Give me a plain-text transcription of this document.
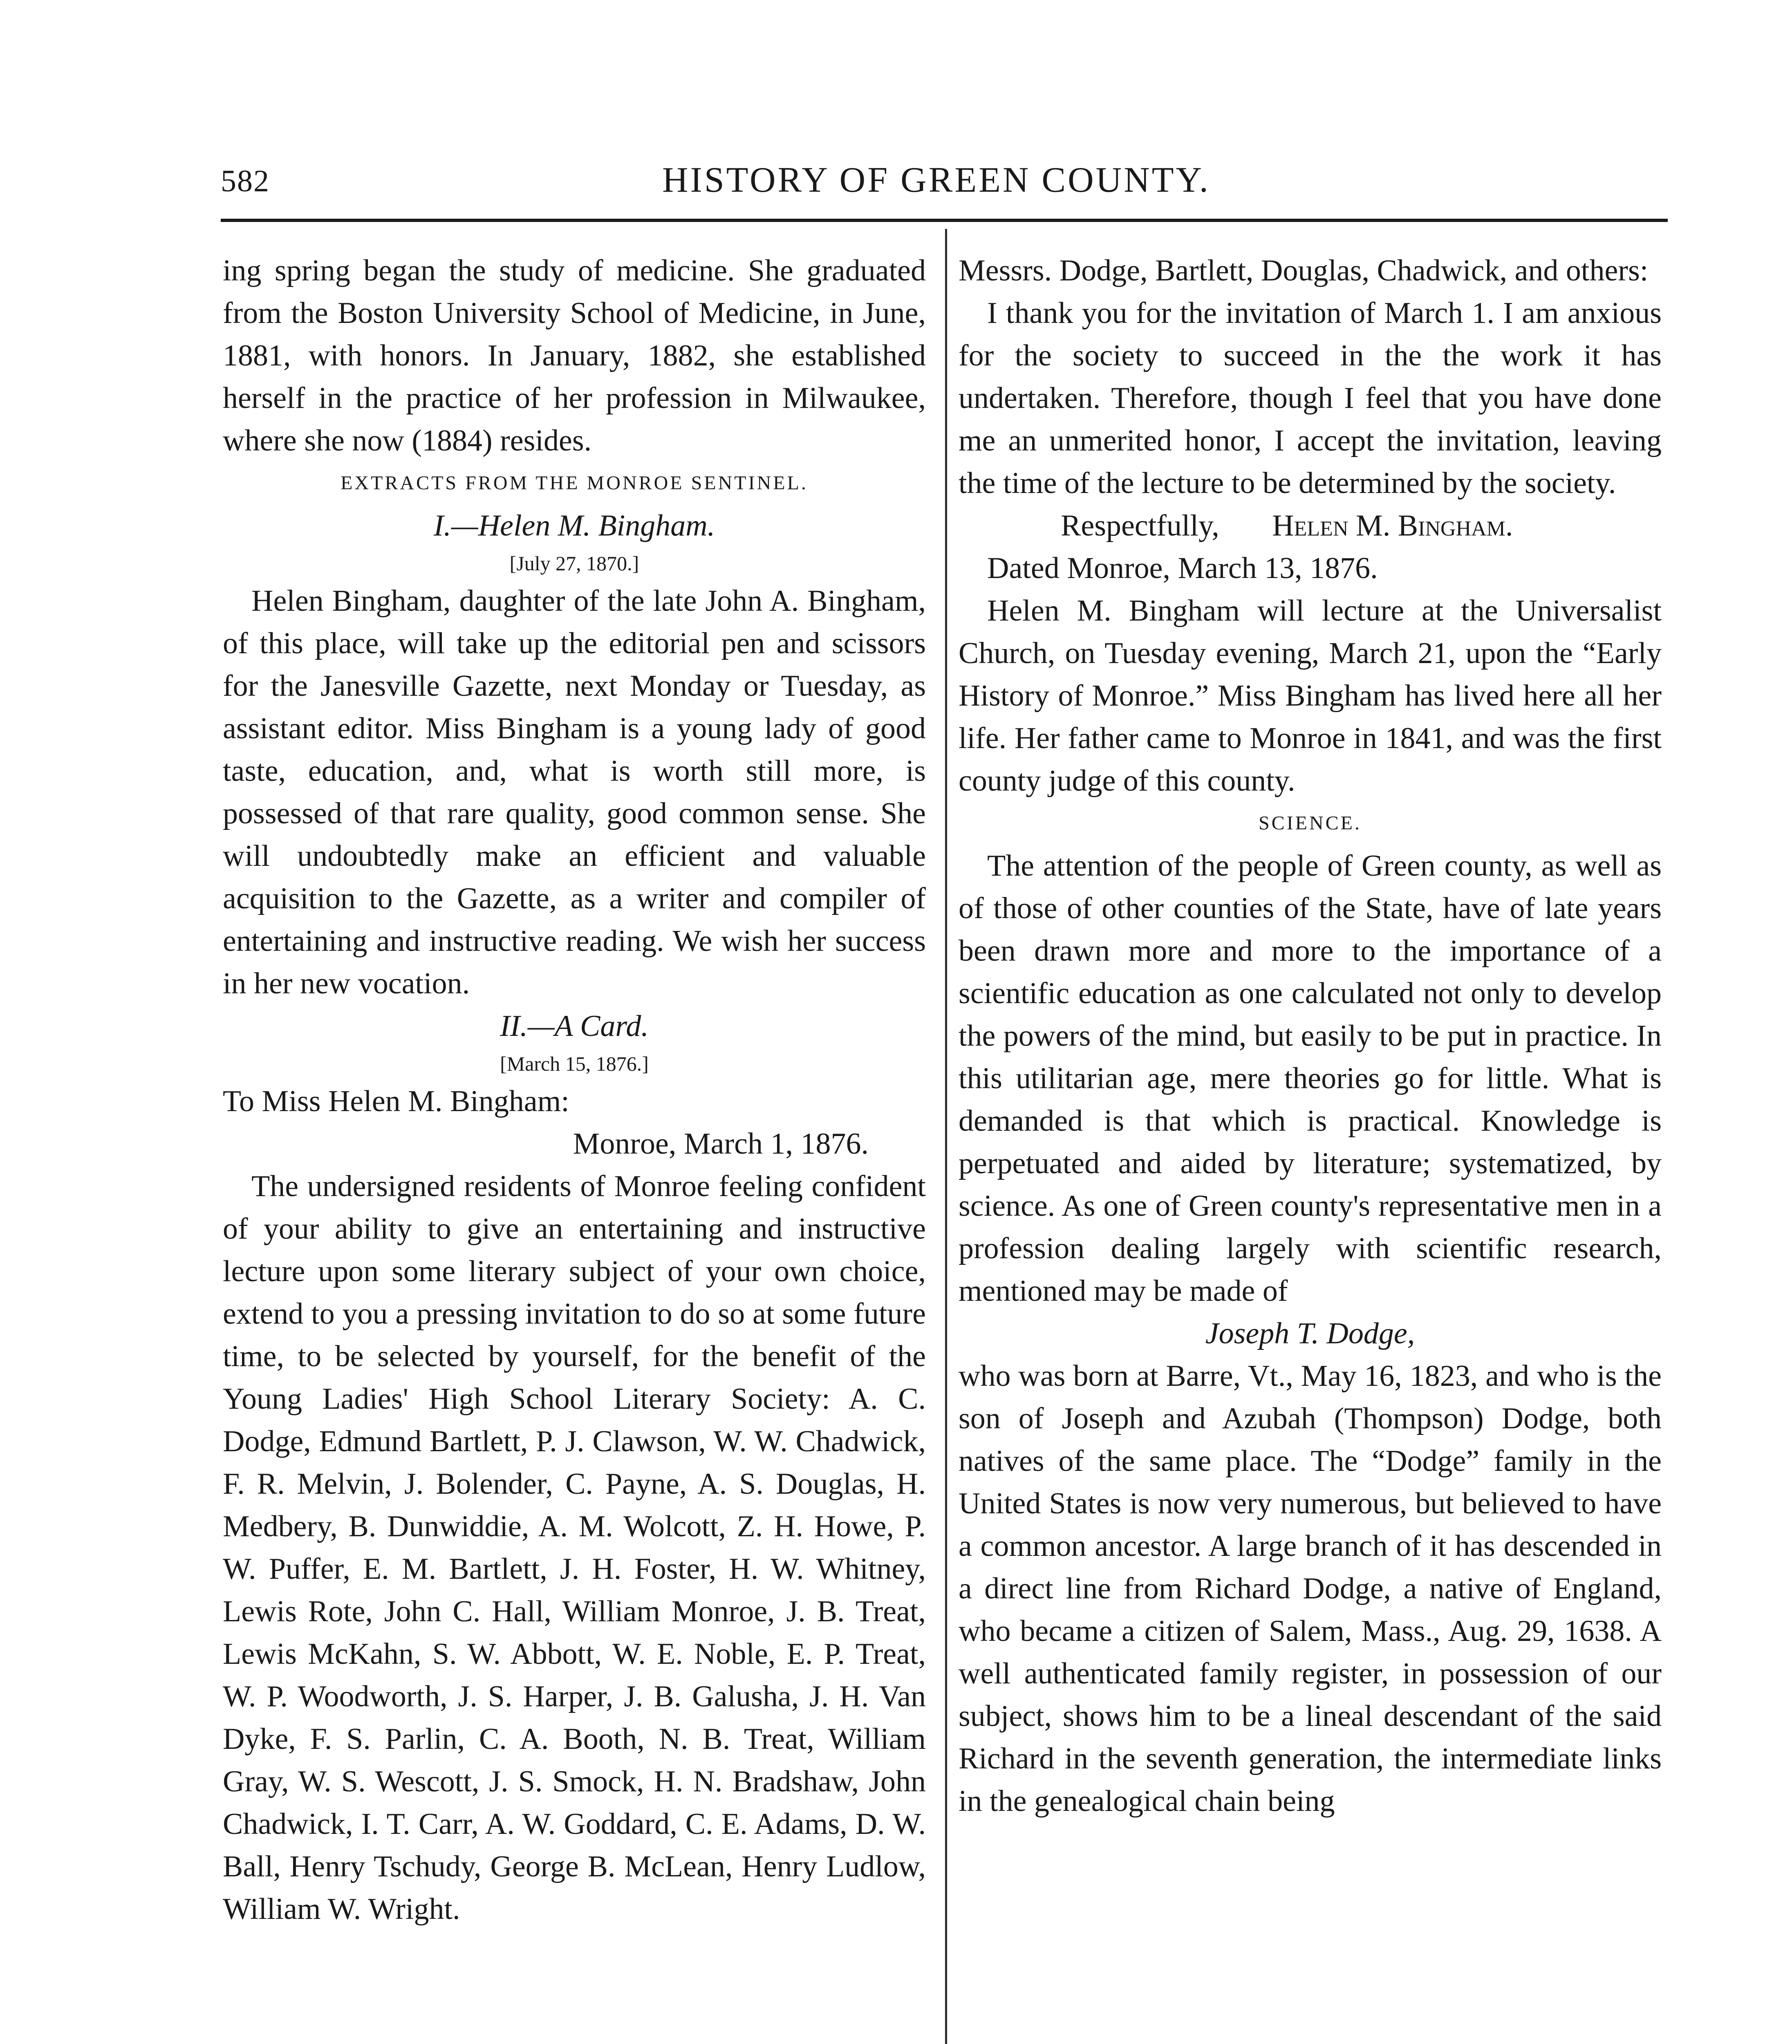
582	HISTORY OF GREEN COUNTY.

ing spring began the study of medicine. She graduated from the Boston University School of Medicine, in June, 1881, with honors. In January, 1882, she established herself in the practice of her profession in Milwaukee, where she now (1884) resides.

EXTRACTS FROM THE MONROE SENTINEL.

I.—Helen M. Bingham.

[July 27, 1870.]

Helen Bingham, daughter of the late John A. Bingham, of this place, will take up the editorial pen and scissors for the Janesville Gazette, next Monday or Tuesday, as assistant editor. Miss Bingham is a young lady of good taste, education, and, what is worth still more, is possessed of that rare quality, good common sense. She will undoubtedly make an efficient and valuable acquisition to the Gazette, as a writer and compiler of entertaining and instructive reading. We wish her success in her new vocation.

II.—A Card.

[March 15, 1876.]

To Miss Helen M. Bingham:

Monroe, March 1, 1876.

The undersigned residents of Monroe feeling confident of your ability to give an entertaining and instructive lecture upon some literary subject of your own choice, extend to you a pressing invitation to do so at some future time, to be selected by yourself, for the benefit of the Young Ladies' High School Literary Society: A. C. Dodge, Edmund Bartlett, P. J. Clawson, W. W. Chadwick, F. R. Melvin, J. Bolender, C. Payne, A. S. Douglas, H. Medbery, B. Dunwiddie, A. M. Wolcott, Z. H. Howe, P. W. Puffer, E. M. Bartlett, J. H. Foster, H. W. Whitney, Lewis Rote, John C. Hall, William Monroe, J. B. Treat, Lewis McKahn, S. W. Abbott, W. E. Noble, E. P. Treat, W. P. Woodworth, J. S. Harper, J. B. Galusha, J. H. Van Dyke, F. S. Parlin, C. A. Booth, N. B. Treat, William Gray, W. S. Wescott, J. S. Smock, H. N. Bradshaw, John Chadwick, I. T. Carr, A. W. Goddard, C. E. Adams, D. W. Ball, Henry Tschudy, George B. McLean, Henry Ludlow, William W. Wright.

Messrs. Dodge, Bartlett, Douglas, Chadwick, and others:

I thank you for the invitation of March 1. I am anxious for the society to succeed in the the work it has undertaken. Therefore, though I feel that you have done me an unmerited honor, I accept the invitation, leaving the time of the lecture to be determined by the society.

Respectfully, Helen M. Bingham.

Dated Monroe, March 13, 1876.

Helen M. Bingham will lecture at the Universalist Church, on Tuesday evening, March 21, upon the “Early History of Monroe.” Miss Bingham has lived here all her life. Her father came to Monroe in 1841, and was the first county judge of this county.

SCIENCE.

The attention of the people of Green county, as well as of those of other counties of the State, have of late years been drawn more and more to the importance of a scientific education as one calculated not only to develop the powers of the mind, but easily to be put in practice. In this utilitarian age, mere theories go for little. What is demanded is that which is practical. Knowledge is perpetuated and aided by literature; systematized, by science. As one of Green county's representative men in a profession dealing largely with scientific research, mentioned may be made of

Joseph T. Dodge,

who was born at Barre, Vt., May 16, 1823, and who is the son of Joseph and Azubah (Thompson) Dodge, both natives of the same place. The “Dodge” family in the United States is now very numerous, but believed to have a common ancestor. A large branch of it has descended in a direct line from Richard Dodge, a native of England, who became a citizen of Salem, Mass., Aug. 29, 1638. A well authenticated family register, in possession of our subject, shows him to be a lineal descendant of the said Richard in the seventh generation, the intermediate links in the genealogical chain being
